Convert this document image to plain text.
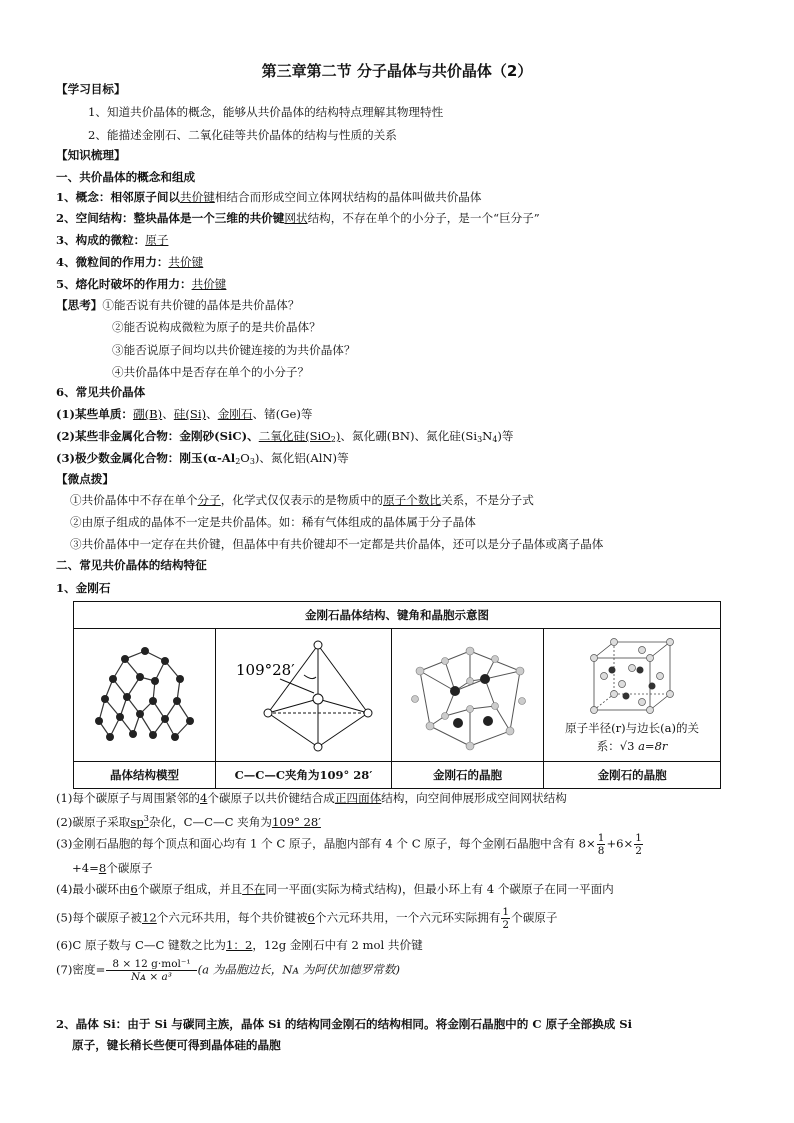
第三章第二节 分子晶体与共价晶体（2）
【学习目标】
1、知道共价晶体的概念，能够从共价晶体的结构特点理解其物理特性
2、能描述金刚石、二氧化硅等共价晶体的结构与性质的关系
【知识梳理】
一、共价晶体的概念和组成
1、概念：相邻原子间以共价键相结合而形成空间立体网状结构的晶体叫做共价晶体
2、空间结构：整块晶体是一个三维的共价键网状结构，不存在单个的小分子，是一个“巨分子”
3、构成的微粒：原子
4、微粒间的作用力：共价键
5、熔化时破坏的作用力：共价键
【思考】①能否说有共价键的晶体是共价晶体？
②能否说构成微粒为原子的是共价晶体？
③能否说原子间均以共价键连接的为共价晶体？
④共价晶体中是否存在单个的小分子？
6、常见共价晶体
(1)某些单质：硼(B)、硅(Si)、金刚石、锗(Ge)等
(2)某些非金属化合物：金刚砂(SiC)、二氧化硅(SiO$_2$)、氮化硼(BN)、氮化硅$(Si_3N_4)$等
(3)极少数金属化合物：刚玉$(\alpha-Al_2O_3)$、氮化铝(AlN)等
【微点拨】
①共价晶体中不存在单个分子，化学式仅仅表示的是物质中的原子个数比关系，不是分子式
②由原子组成的晶体不一定是共价晶体。如：稀有气体组成的晶体属于分子晶体
③共价晶体中一定存在共价键，但晶体中有共价键却不一定都是共价晶体，还可以是分子晶体或离子晶体
二、常见共价晶体的结构特征
1、金刚石
金刚石晶体结构、键角和晶胞示意图			

109°28′		原子半径(r)与边长(a)的关
系：√3 a=8r

晶体结构模型	C—C—C夹角为109° 28′	金刚石的晶胞	金刚石的晶胞
(1)每个碳原子与周围紧邻的4个碳原子以共价键结合成正四面体结构，向空间伸展形成空间网状结构
(2)碳原子采取$sp^3$杂化，C—C—C 夹角为109° 28′
(3)金刚石晶胞的每个顶点和面心均有 1 个 C 原子，晶胞内部有 4 个 C 原子，每个金刚石晶胞中含有 $8\times \frac{1}{8} +6\times \frac{1}{2}$
+4=8个碳原子
(4)最小碳环由6个碳原子组成，并且不在同一平面(实际为椅式结构)，但最小环上有 4 个碳原子在同一平面内
(5)每个碳原子被12个六元环共用，每个共价键被6个六元环共用，一个六元环实际拥有 $\frac{1}{2}$ 个碳原子
(6)C 原子数与 C—C 键数之比为1：2，12g 金刚石中有 2 mol 共价键
(7)密度= $\frac{\text{8 × 12 g·mol⁻¹}}{\text{Nᴀ × a³}} (a$ 为晶胞边长，Nᴀ 为阿伏加德罗常数)
2、晶体 Si：由于 Si 与碳同主族，晶体 Si 的结构同金刚石的结构相同。将金刚石晶胞中的 C 原子全部换成 Si
原子，键长稍长些便可得到晶体硅的晶胞
